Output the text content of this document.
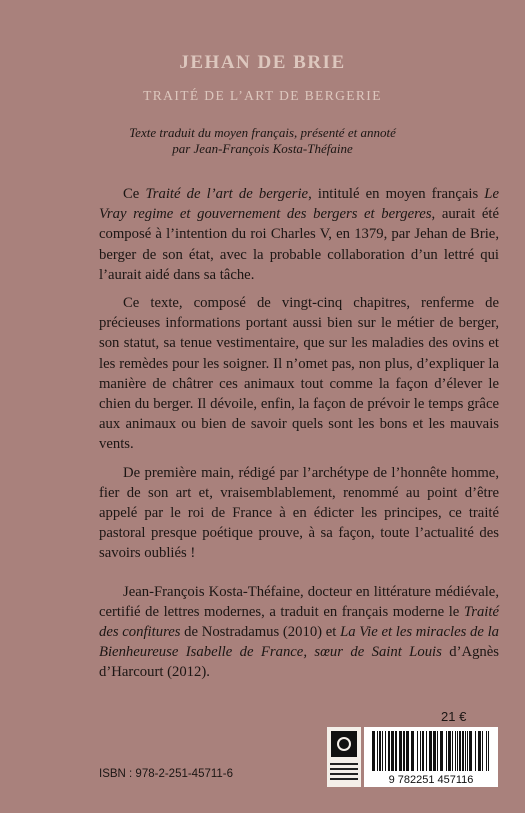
JEHAN DE BRIE
TRAITÉ DE L’ART DE BERGERIE
Texte traduit du moyen français, présenté et annoté
par Jean-François Kosta-Théfaine

Ce Traité de l’art de bergerie, intitulé en moyen français Le Vray regime et gouvernement des bergers et bergeres, aurait été composé à l’intention du roi Charles V, en 1379, par Jehan de Brie, berger de son état, avec la probable collaboration d’un lettré qui l’aurait aidé dans sa tâche.

Ce texte, composé de vingt-cinq chapitres, renferme de précieuses informations portant aussi bien sur le métier de berger, son statut, sa tenue vestimentaire, que sur les maladies des ovins et les remèdes pour les soigner. Il n’omet pas, non plus, d’expliquer la manière de châtrer ces animaux tout comme la façon d’élever le chien du berger. Il dévoile, enfin, la façon de prévoir le temps grâce aux animaux ou bien de savoir quels sont les bons et les mauvais vents.

De première main, rédigé par l’archétype de l’honnête homme, fier de son art et, vraisemblablement, renommé au point d’être appelé par le roi de France à en édicter les principes, ce traité pastoral presque poétique prouve, à sa façon, toute l’actualité des savoirs oubliés !

Jean-François Kosta-Théfaine, docteur en littérature médiévale, certifié de lettres modernes, a traduit en français moderne le Traité des confitures de Nostradamus (2010) et La Vie et les miracles de la Bienheureuse Isabelle de France, sœur de Saint Louis d’Agnès d’Harcourt (2012).

21 €
9 782251 457116
ISBN : 978-2-251-45711-6
